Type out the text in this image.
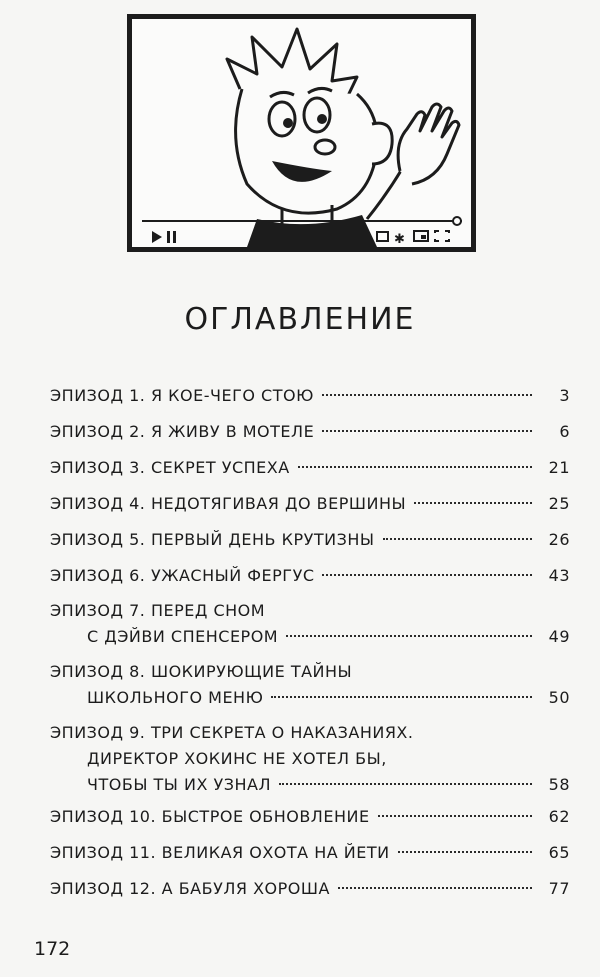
✱
ОГЛАВЛЕНИЕ
ЭПИЗОД 1. Я КОЕ-ЧЕГО СТОЮ	3
ЭПИЗОД 2. Я ЖИВУ В МОТЕЛЕ	6
ЭПИЗОД 3. СЕКРЕТ УСПЕХА	21
ЭПИЗОД 4. НЕДОТЯГИВАЯ ДО ВЕРШИНЫ	25
ЭПИЗОД 5. ПЕРВЫЙ ДЕНЬ КРУТИЗНЫ	26
ЭПИЗОД 6. УЖАСНЫЙ ФЕРГУС	43
ЭПИЗОД 7. ПЕРЕД СНОМ
С ДЭЙВИ СПЕНСЕРОМ	49
ЭПИЗОД 8. ШОКИРУЮЩИЕ ТАЙНЫ
ШКОЛЬНОГО МЕНЮ	50
ЭПИЗОД 9. ТРИ СЕКРЕТА О НАКАЗАНИЯХ.
ДИРЕКТОР ХОКИНС НЕ ХОТЕЛ БЫ,
ЧТОБЫ ТЫ ИХ УЗНАЛ	58
ЭПИЗОД 10. БЫСТРОЕ ОБНОВЛЕНИЕ	62
ЭПИЗОД 11. ВЕЛИКАЯ ОХОТА НА ЙЕТИ	65
ЭПИЗОД 12. А БАБУЛЯ ХОРОША	77
172
